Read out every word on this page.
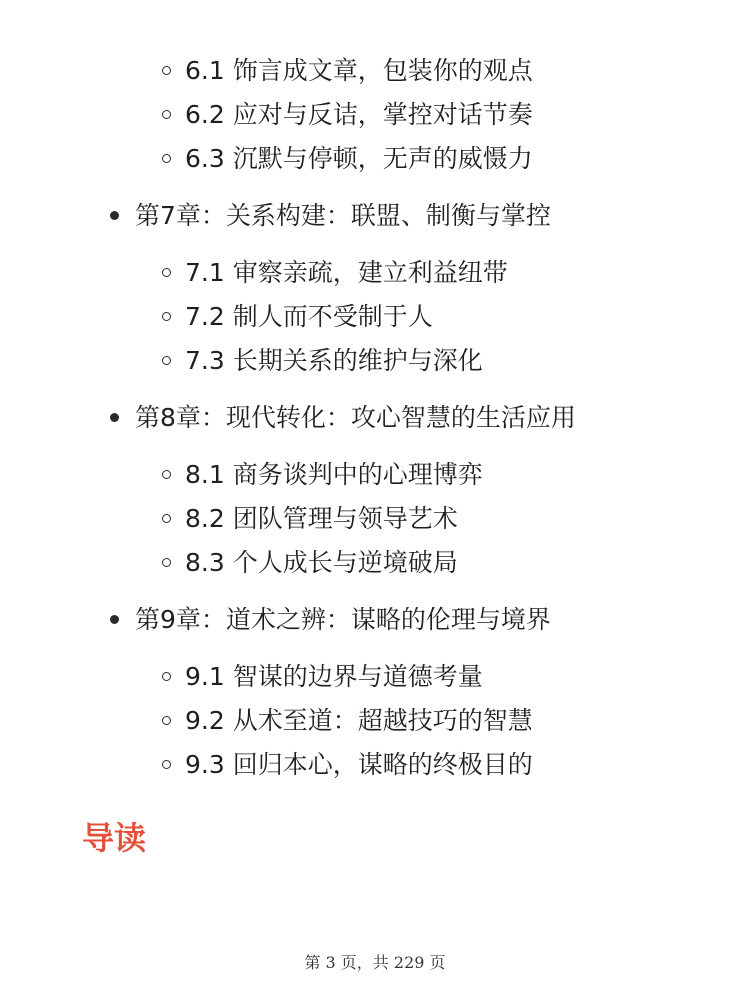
6.1 饰言成文章，包装你的观点
6.2 应对与反诘，掌控对话节奏
6.3 沉默与停顿，无声的威慑力
第7章：关系构建：联盟、制衡与掌控
7.1 审察亲疏，建立利益纽带
7.2 制人而不受制于人
7.3 长期关系的维护与深化
第8章：现代转化：攻心智慧的生活应用
8.1 商务谈判中的心理博弈
8.2 团队管理与领导艺术
8.3 个人成长与逆境破局
第9章：道术之辨：谋略的伦理与境界
9.1 智谋的边界与道德考量
9.2 从术至道：超越技巧的智慧
9.3 回归本心，谋略的终极目的
导读
第 3 页，共 229 页
